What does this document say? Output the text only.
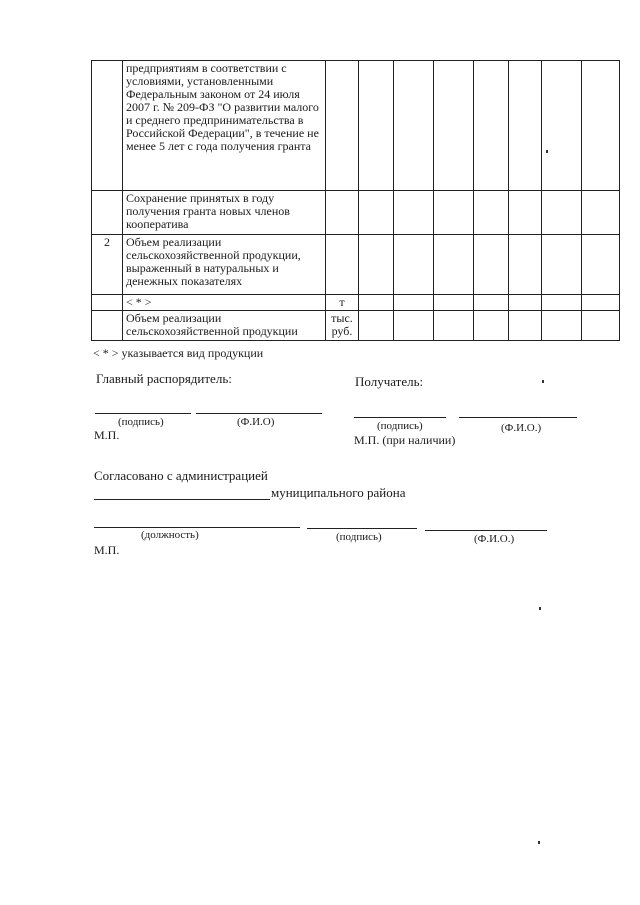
	предприятиям в соответствии с условиями, установленными Федеральным законом от 24 июля 2007 г. № 209-ФЗ "О развитии малого и среднего предпринимательства в Российской Федерации", в течение не менее 5 лет с года получения гранта								
	Сохранение принятых в году получения гранта новых членов кооператива								
2	Объем реализации сельскохозяйственной продукции, выраженный в натуральных и денежных показателях								
	< * >	т							
	Объем реализации сельскохозяйственной продукции	тыс. руб.							
< * > указывается вид продукции
Главный распорядитель:
(подпись)	(Ф.И.О)
М.П.
Получатель:
(подпись)	(Ф.И.О.)
М.П. (при наличии)
Согласовано с администрацией
муниципального района
(должность)	(подпись)	(Ф.И.О.)
М.П.
